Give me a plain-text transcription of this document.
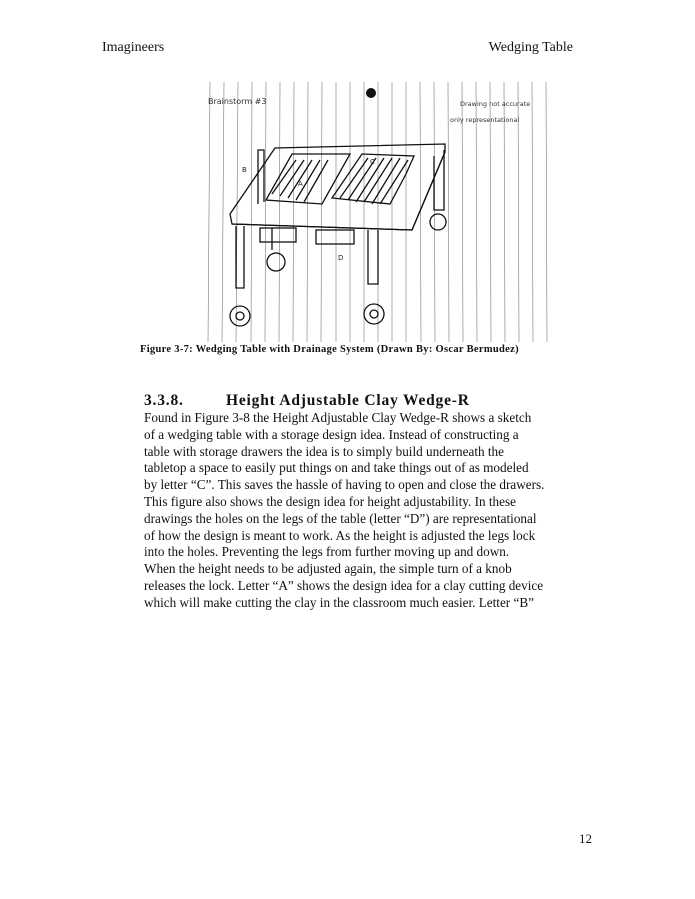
Imagineers	Wedging Table
Brainstorm #3	Drawing not accurate
only representational
B
A
C
D
Figure 3-7: Wedging Table with Drainage System (Drawn By: Oscar Bermudez)
3.3.8.	Height Adjustable Clay Wedge-R
Found in Figure 3-8 the Height Adjustable Clay Wedge-R shows a sketch
of a wedging table with a storage design idea. Instead of constructing a
table with storage drawers the idea is to simply build underneath the
tabletop a space to easily put things on and take things out of as modeled
by letter “C”. This saves the hassle of having to open and close the drawers.
This figure also shows the design idea for height adjustability. In these
drawings the holes on the legs of the table (letter “D”) are representational
of how the design is meant to work. As the height is adjusted the legs lock
into the holes. Preventing the legs from further moving up and down.
When the height needs to be adjusted again, the simple turn of a knob
releases the lock. Letter “A” shows the design idea for a clay cutting device
which will make cutting the clay in the classroom much easier. Letter “B”
12
